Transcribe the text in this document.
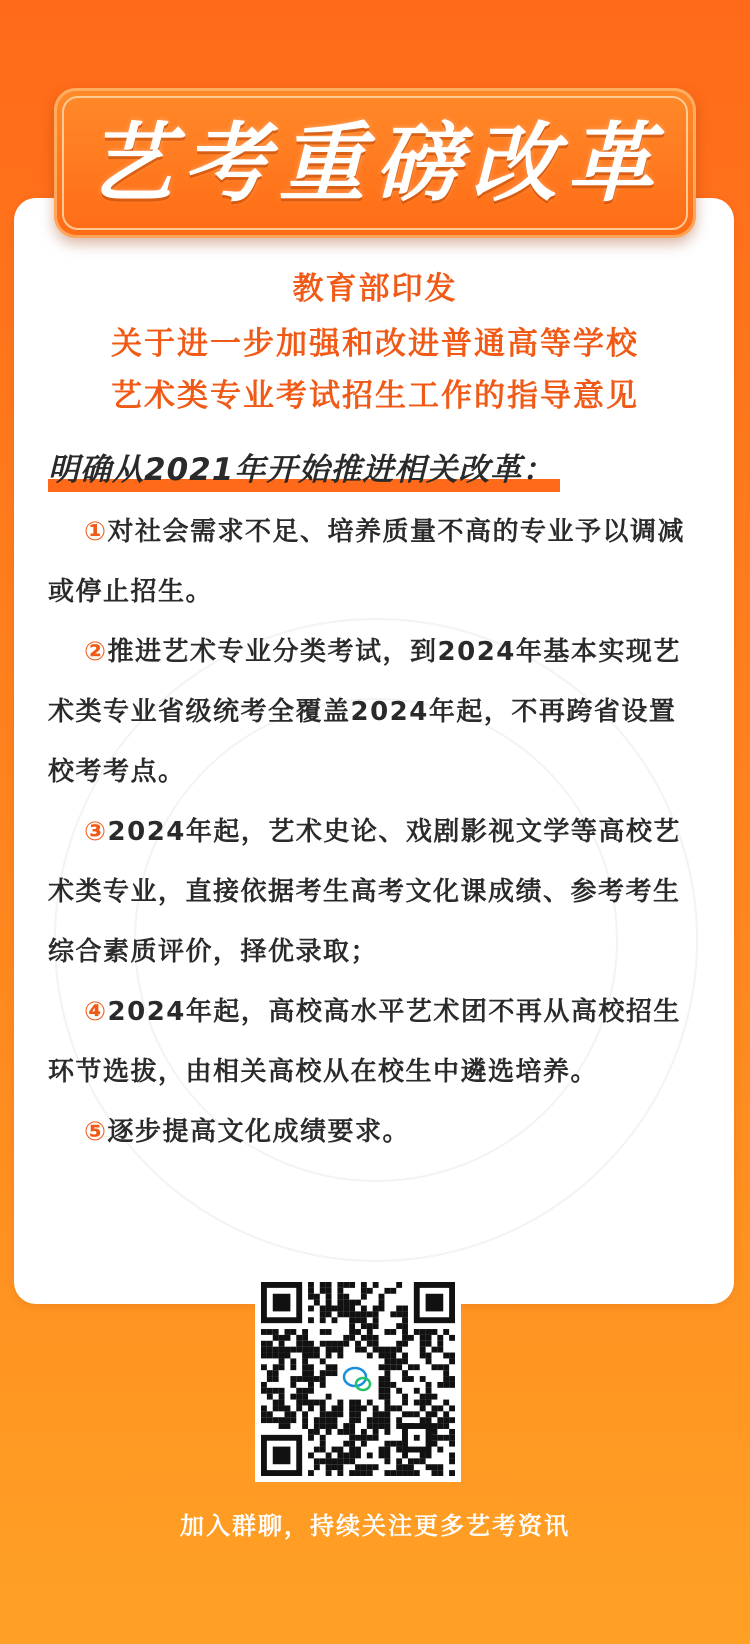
艺考重磅改革
教育部印发
关于进一步加强和改进普通高等学校
艺术类专业考试招生工作的指导意见
明确从2021年开始推进相关改革：

①对社会需求不足、培养质量不高的专业予以调减或停止招生。

②推进艺术专业分类考试，到2024年基本实现艺术类专业省级统考全覆盖2024年起，不再跨省设置校考考点。

③2024年起，艺术史论、戏剧影视文学等高校艺术类专业，直接依据考生高考文化课成绩、参考考生综合素质评价，择优录取；

④2024年起，高校高水平艺术团不再从高校招生环节选拔，由相关高校从在校生中遴选培养。

⑤逐步提高文化成绩要求。

加入群聊，持续关注更多艺考资讯
